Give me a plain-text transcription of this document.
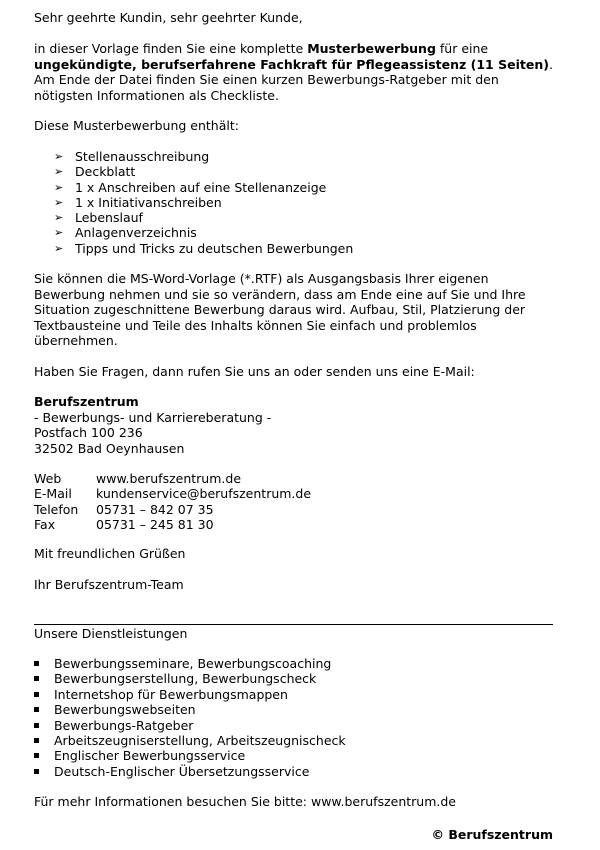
Sehr geehrte Kundin, sehr geehrter Kunde,

in dieser Vorlage finden Sie eine komplette Musterbewerbung für eine ungekündigte, berufserfahrene Fachkraft für Pflegeassistenz (11 Seiten). Am Ende der Datei finden Sie einen kurzen Bewerbungs-Ratgeber mit den nötigsten Informationen als Checkliste.

Diese Musterbewerbung enthält:

➢ Stellenausschreibung
➢ Deckblatt
➢ 1 x Anschreiben auf eine Stellenanzeige
➢ 1 x Initiativanschreiben
➢ Lebenslauf
➢ Anlagenverzeichnis
➢ Tipps und Tricks zu deutschen Bewerbungen

Sie können die MS-Word-Vorlage (*.RTF) als Ausgangsbasis Ihrer eigenen Bewerbung nehmen und sie so verändern, dass am Ende eine auf Sie und Ihre Situation zugeschnittene Bewerbung daraus wird. Aufbau, Stil, Platzierung der Textbausteine und Teile des Inhalts können Sie einfach und problemlos übernehmen.

Haben Sie Fragen, dann rufen Sie uns an oder senden uns eine E-Mail:

Berufszentrum

- Bewerbungs- und Karriereberatung -

Postfach 100 236

32502 Bad Oeynhausen

Web	www.berufszentrum.de
E-Mail	kundenservice@berufszentrum.de
Telefon	05731 – 842 07 35
Fax	05731 – 245 81 30

Mit freundlichen Grüßen

Ihr Berufszentrum-Team

Unsere Dienstleistungen

Bewerbungsseminare, Bewerbungscoaching
Bewerbungserstellung, Bewerbungscheck
Internetshop für Bewerbungsmappen
Bewerbungswebseiten
Bewerbungs-Ratgeber
Arbeitszeugniserstellung, Arbeitszeugnischeck
Englischer Bewerbungsservice
Deutsch-Englischer Übersetzungsservice

Für mehr Informationen besuchen Sie bitte: www.berufszentrum.de

© Berufszentrum
